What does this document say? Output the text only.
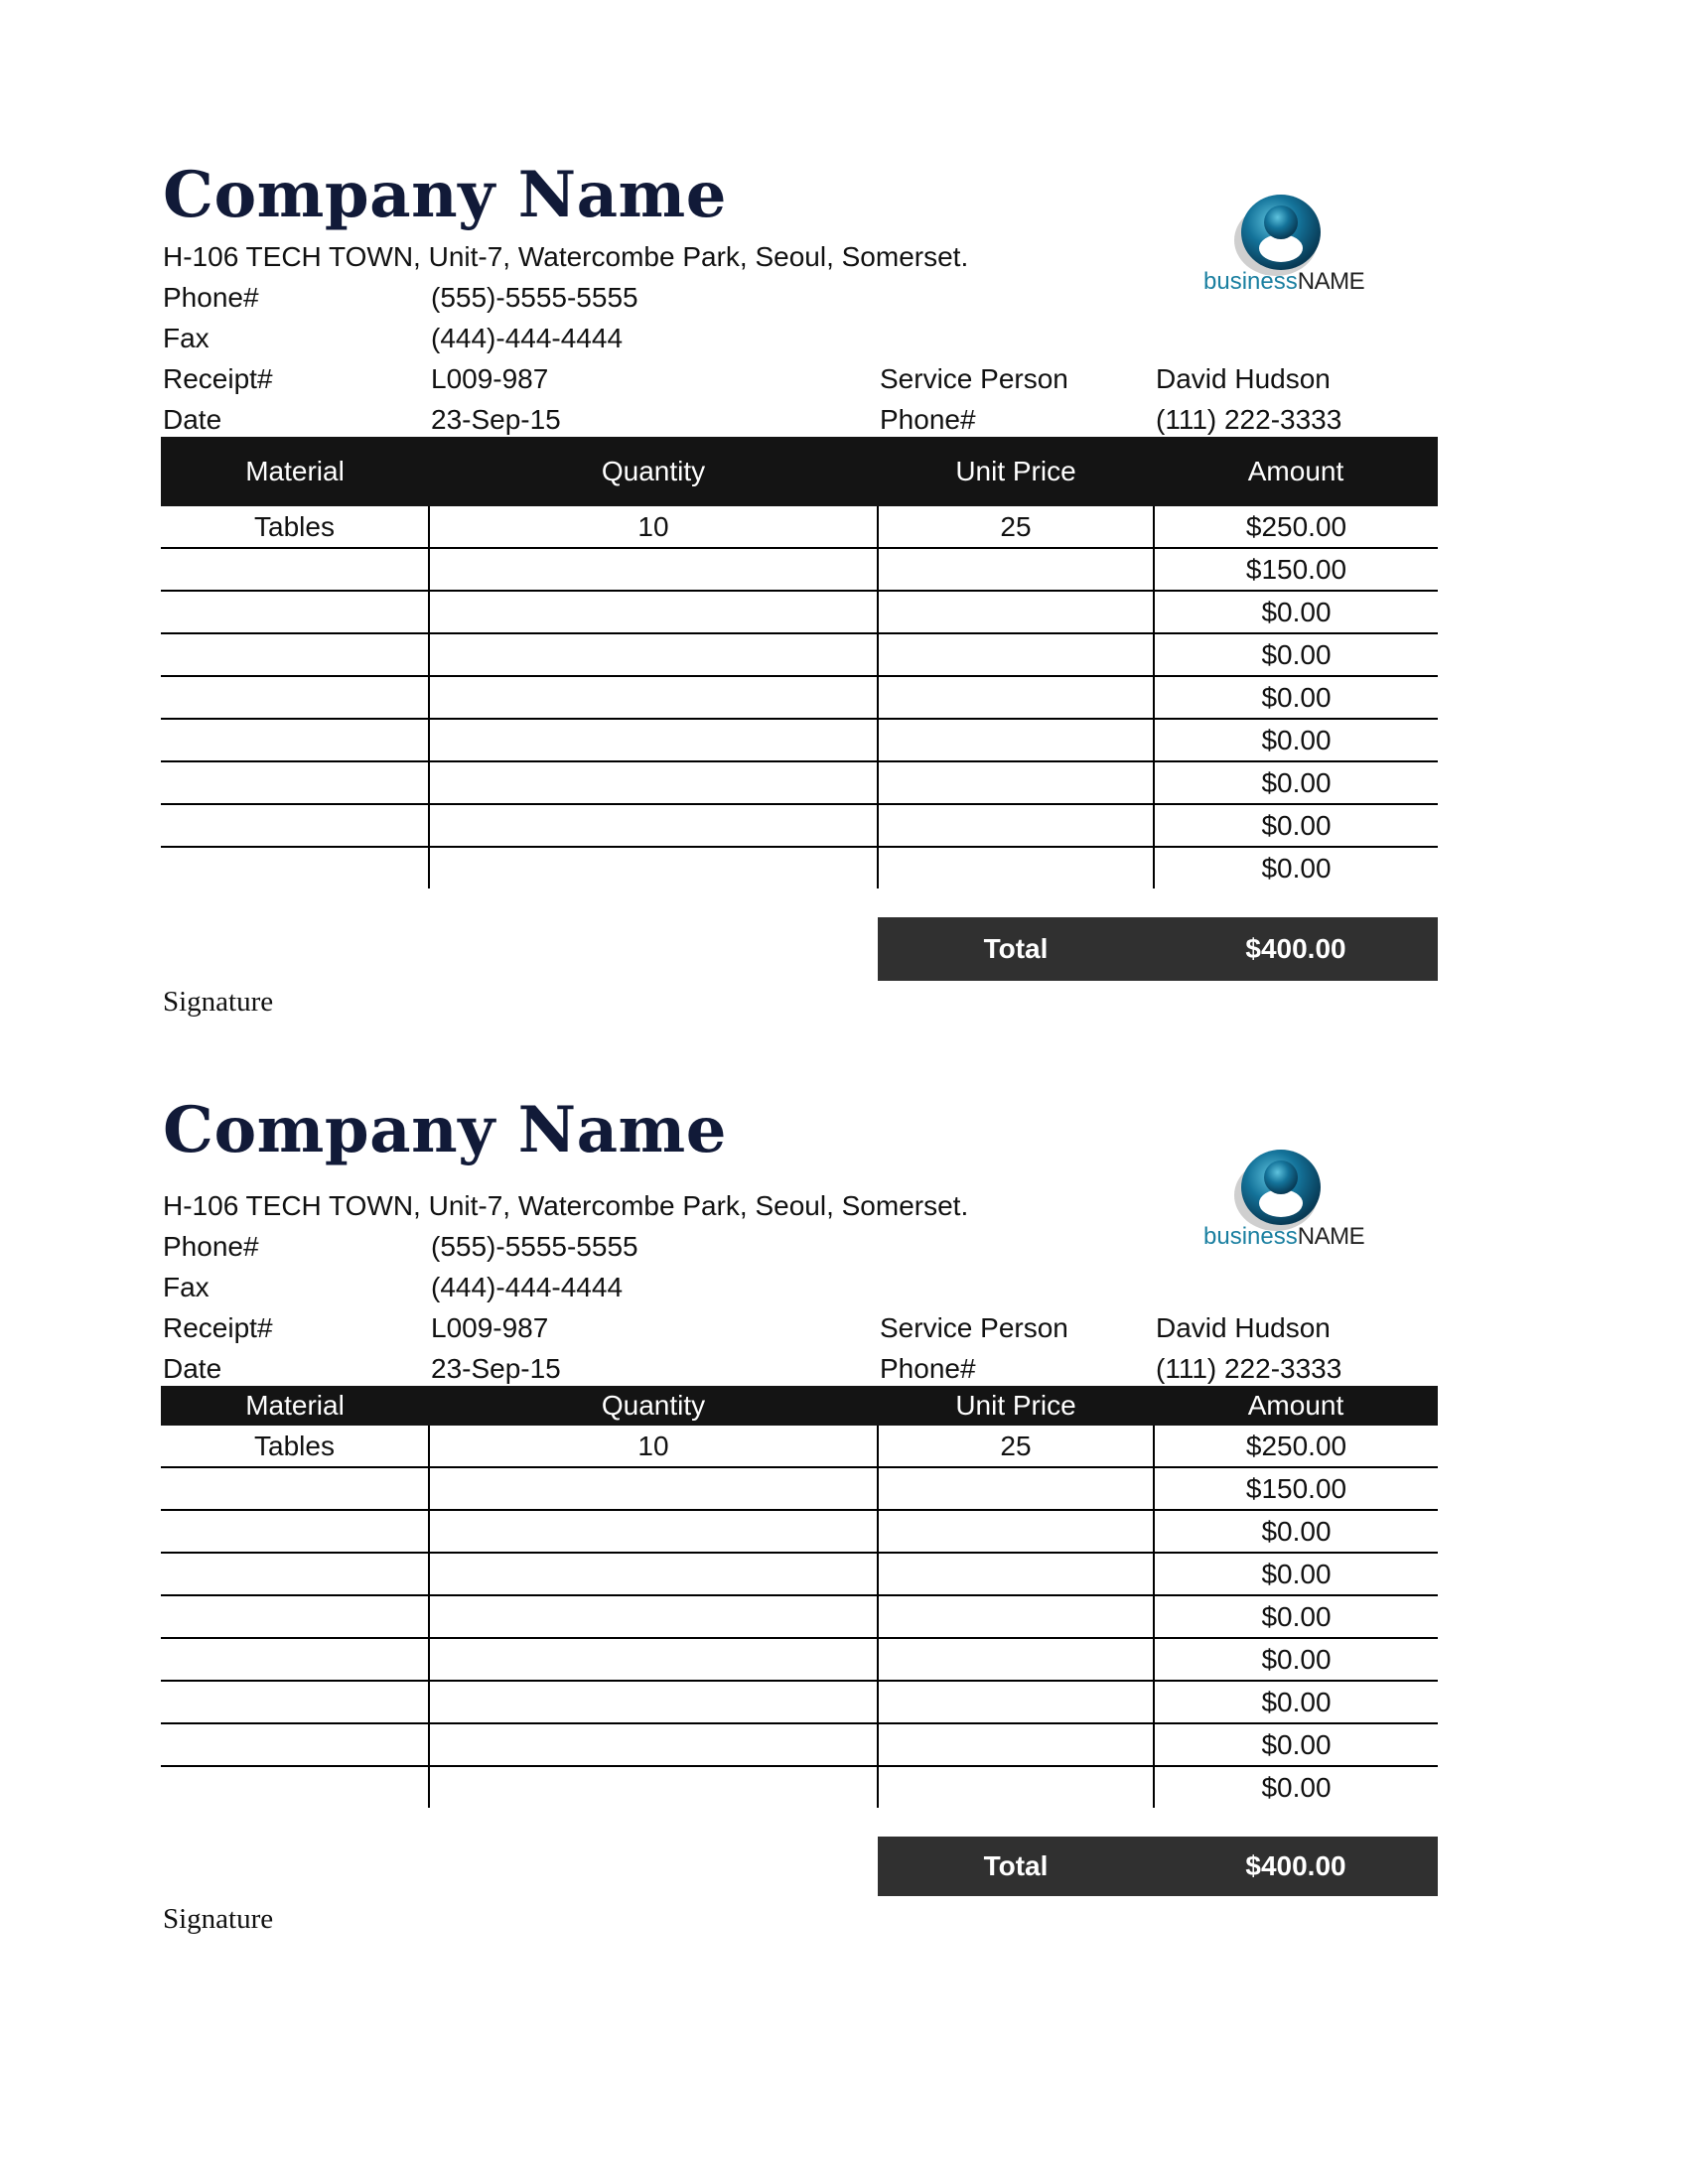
Company Name
H-106 TECH TOWN, Unit-7, Watercombe Park, Seoul, Somerset.
Phone#	(555)-5555-5555
Fax	(444)-444-4444
Receipt#	L009-987	Service Person	David Hudson
Date	23-Sep-15	Phone#	(111) 222-3333
businessNAME
Material	Quantity	Unit Price	Amount
Tables	10	25	$250.00
			$150.00
			$0.00
			$0.00
			$0.00
			$0.00
			$0.00
			$0.00
			$0.00
Total	$400.00
Signature
Company Name
H-106 TECH TOWN, Unit-7, Watercombe Park, Seoul, Somerset.
Phone#	(555)-5555-5555
Fax	(444)-444-4444
Receipt#	L009-987	Service Person	David Hudson
Date	23-Sep-15	Phone#	(111) 222-3333
businessNAME
Material	Quantity	Unit Price	Amount
Tables	10	25	$250.00
			$150.00
			$0.00
			$0.00
			$0.00
			$0.00
			$0.00
			$0.00
			$0.00
Total	$400.00
Signature
